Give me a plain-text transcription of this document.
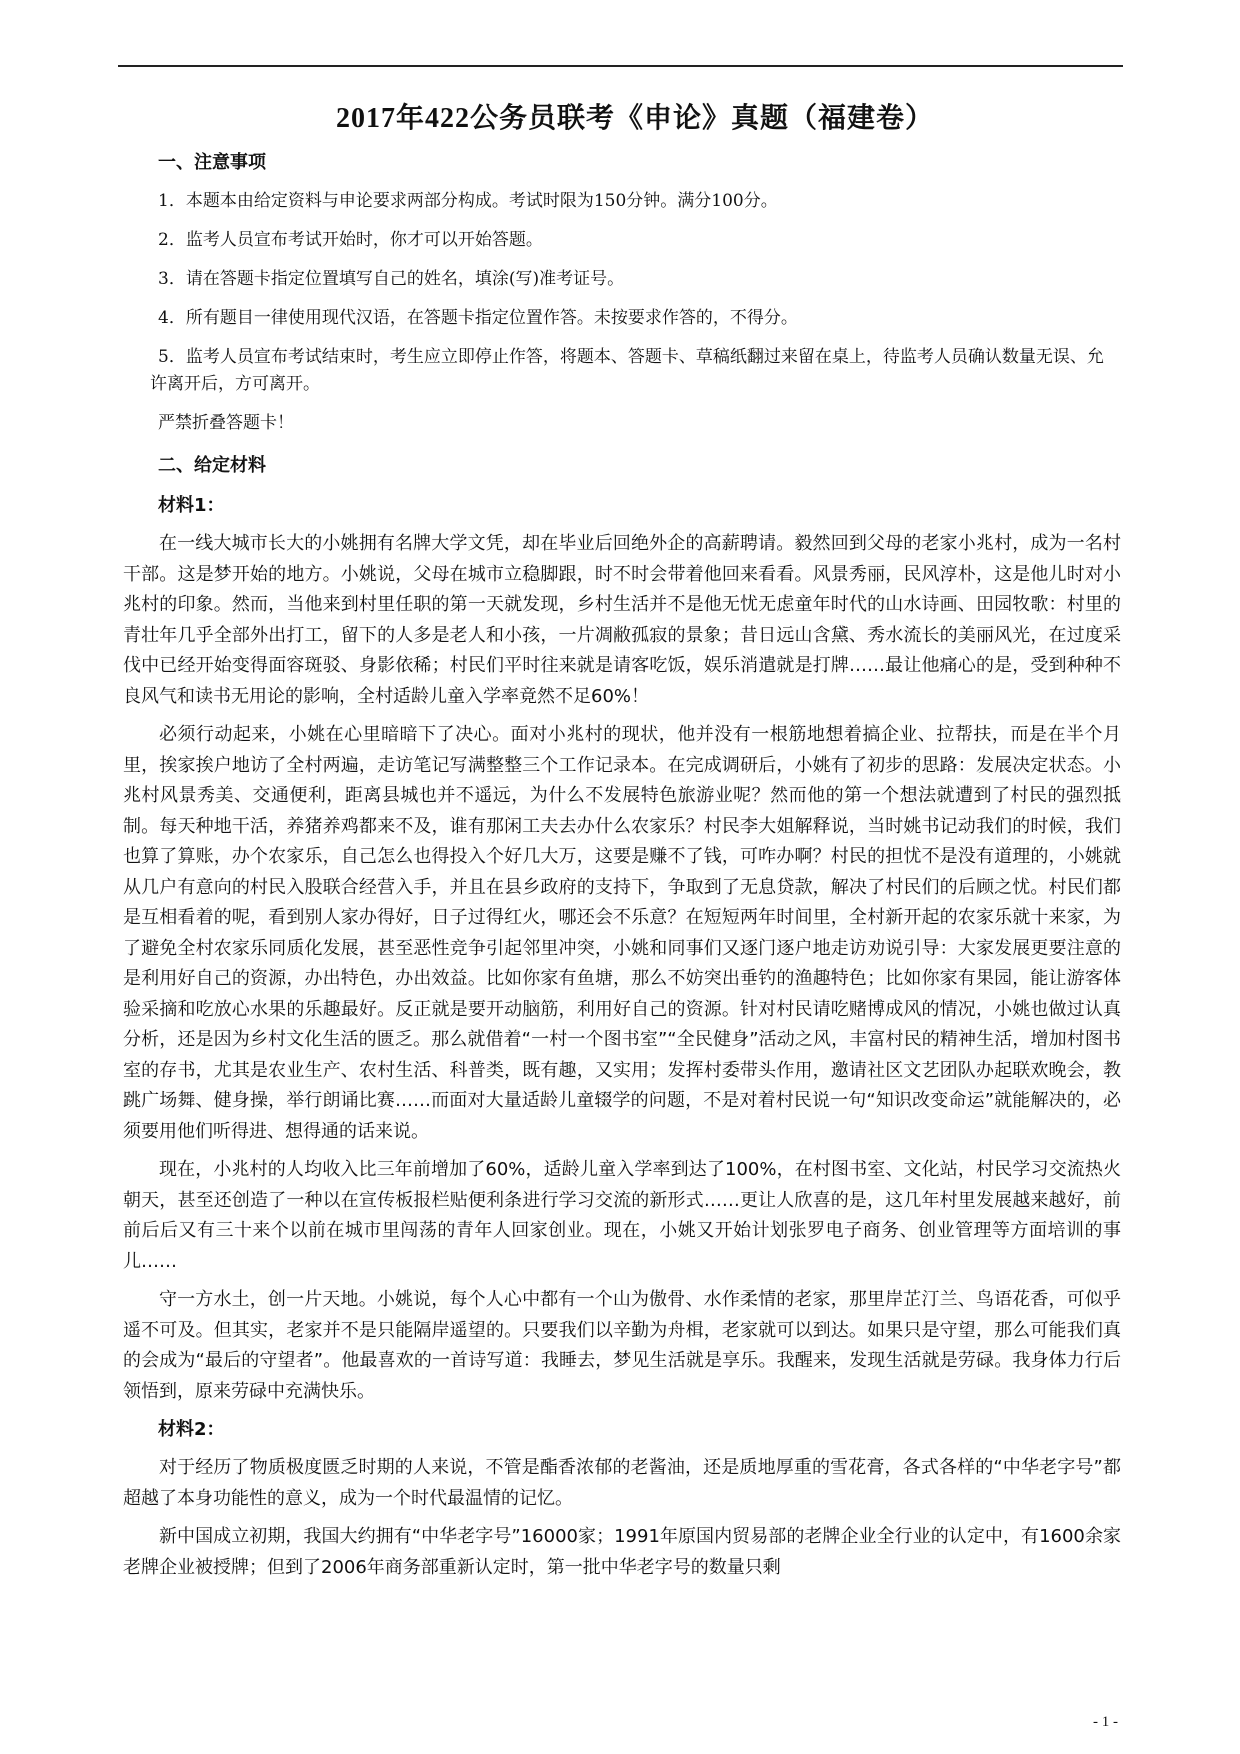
2017年422公务员联考《申论》真题（福建卷）
一、注意事项
1．本题本由给定资料与申论要求两部分构成。考试时限为150分钟。满分100分。
2．监考人员宣布考试开始时，你才可以开始答题。
3．请在答题卡指定位置填写自己的姓名，填涂(写)准考证号。
4．所有题目一律使用现代汉语，在答题卡指定位置作答。未按要求作答的，不得分。
5．监考人员宣布考试结束时，考生应立即停止作答，将题本、答题卡、草稿纸翻过来留在桌上，待监考人员确认数量无误、允许离开后，方可离开。
严禁折叠答题卡！
二、给定材料
材料1：

在一线大城市长大的小姚拥有名牌大学文凭，却在毕业后回绝外企的高薪聘请。毅然回到父母的老家小兆村，成为一名村干部。这是梦开始的地方。小姚说，父母在城市立稳脚跟，时不时会带着他回来看看。风景秀丽，民风淳朴，这是他儿时对小兆村的印象。然而，当他来到村里任职的第一天就发现，乡村生活并不是他无忧无虑童年时代的山水诗画、田园牧歌：村里的青壮年几乎全部外出打工，留下的人多是老人和小孩，一片凋敝孤寂的景象；昔日远山含黛、秀水流长的美丽风光，在过度采伐中已经开始变得面容斑驳、身影依稀；村民们平时往来就是请客吃饭，娱乐消遣就是打牌……最让他痛心的是，受到种种不良风气和读书无用论的影响，全村适龄儿童入学率竟然不足60%！

必须行动起来，小姚在心里暗暗下了决心。面对小兆村的现状，他并没有一根筋地想着搞企业、拉帮扶，而是在半个月里，挨家挨户地访了全村两遍，走访笔记写满整整三个工作记录本。在完成调研后，小姚有了初步的思路：发展决定状态。小兆村风景秀美、交通便利，距离县城也并不遥远，为什么不发展特色旅游业呢？然而他的第一个想法就遭到了村民的强烈抵制。每天种地干活，养猪养鸡都来不及，谁有那闲工夫去办什么农家乐？村民李大姐解释说，当时姚书记动我们的时候，我们也算了算账，办个农家乐，自己怎么也得投入个好几大万，这要是赚不了钱，可咋办啊？村民的担忧不是没有道理的，小姚就从几户有意向的村民入股联合经营入手，并且在县乡政府的支持下，争取到了无息贷款，解决了村民们的后顾之忧。村民们都是互相看着的呢，看到别人家办得好，日子过得红火，哪还会不乐意？在短短两年时间里，全村新开起的农家乐就十来家，为了避免全村农家乐同质化发展，甚至恶性竞争引起邻里冲突，小姚和同事们又逐门逐户地走访劝说引导：大家发展更要注意的是利用好自己的资源，办出特色，办出效益。比如你家有鱼塘，那么不妨突出垂钓的渔趣特色；比如你家有果园，能让游客体验采摘和吃放心水果的乐趣最好。反正就是要开动脑筋，利用好自己的资源。针对村民请吃赌博成风的情况，小姚也做过认真分析，还是因为乡村文化生活的匮乏。那么就借着“一村一个图书室”“全民健身”活动之风，丰富村民的精神生活，增加村图书室的存书，尤其是农业生产、农村生活、科普类，既有趣，又实用；发挥村委带头作用，邀请社区文艺团队办起联欢晚会，教跳广场舞、健身操，举行朗诵比赛……而面对大量适龄儿童辍学的问题，不是对着村民说一句“知识改变命运”就能解决的，必须要用他们听得进、想得通的话来说。

现在，小兆村的人均收入比三年前增加了60%，适龄儿童入学率到达了100%，在村图书室、文化站，村民学习交流热火朝天，甚至还创造了一种以在宣传板报栏贴便利条进行学习交流的新形式……更让人欣喜的是，这几年村里发展越来越好，前前后后又有三十来个以前在城市里闯荡的青年人回家创业。现在，小姚又开始计划张罗电子商务、创业管理等方面培训的事儿……

守一方水土，创一片天地。小姚说，每个人心中都有一个山为傲骨、水作柔情的老家，那里岸芷汀兰、鸟语花香，可似乎遥不可及。但其实，老家并不是只能隔岸遥望的。只要我们以辛勤为舟楫，老家就可以到达。如果只是守望，那么可能我们真的会成为“最后的守望者”。他最喜欢的一首诗写道：我睡去，梦见生活就是享乐。我醒来，发现生活就是劳碌。我身体力行后领悟到，原来劳碌中充满快乐。

材料2：

对于经历了物质极度匮乏时期的人来说，不管是酯香浓郁的老酱油，还是质地厚重的雪花膏，各式各样的“中华老字号”都超越了本身功能性的意义，成为一个时代最温情的记忆。

新中国成立初期，我国大约拥有“中华老字号”16000家；1991年原国内贸易部的老牌企业全行业的认定中，有1600余家老牌企业被授牌；但到了2006年商务部重新认定时，第一批中华老字号的数量只剩

- 1 -
